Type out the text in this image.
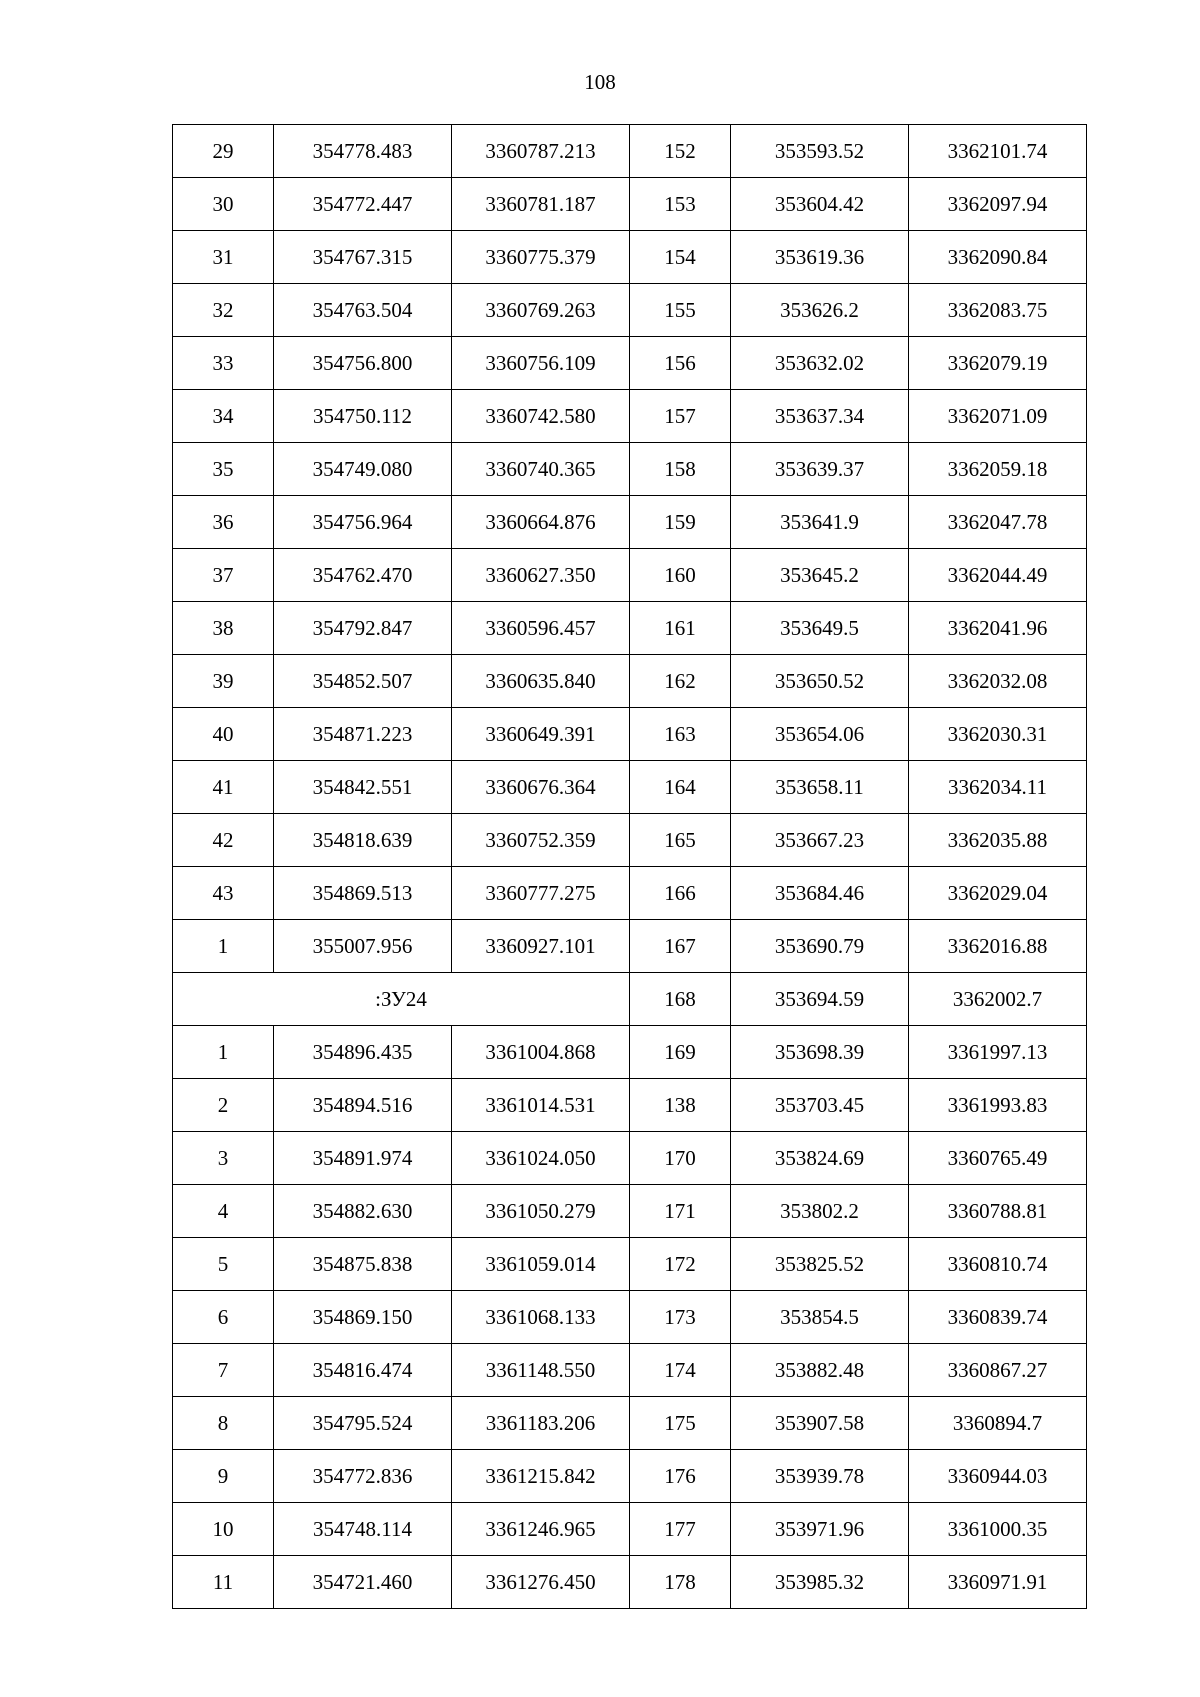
108
29	354778.483	3360787.213	152	353593.52	3362101.74
30	354772.447	3360781.187	153	353604.42	3362097.94
31	354767.315	3360775.379	154	353619.36	3362090.84
32	354763.504	3360769.263	155	353626.2	3362083.75
33	354756.800	3360756.109	156	353632.02	3362079.19
34	354750.112	3360742.580	157	353637.34	3362071.09
35	354749.080	3360740.365	158	353639.37	3362059.18
36	354756.964	3360664.876	159	353641.9	3362047.78
37	354762.470	3360627.350	160	353645.2	3362044.49
38	354792.847	3360596.457	161	353649.5	3362041.96
39	354852.507	3360635.840	162	353650.52	3362032.08
40	354871.223	3360649.391	163	353654.06	3362030.31
41	354842.551	3360676.364	164	353658.11	3362034.11
42	354818.639	3360752.359	165	353667.23	3362035.88
43	354869.513	3360777.275	166	353684.46	3362029.04
1	355007.956	3360927.101	167	353690.79	3362016.88
:ЗУ24			168	353694.59	3362002.7
1	354896.435	3361004.868	169	353698.39	3361997.13
2	354894.516	3361014.531	138	353703.45	3361993.83
3	354891.974	3361024.050	170	353824.69	3360765.49
4	354882.630	3361050.279	171	353802.2	3360788.81
5	354875.838	3361059.014	172	353825.52	3360810.74
6	354869.150	3361068.133	173	353854.5	3360839.74
7	354816.474	3361148.550	174	353882.48	3360867.27
8	354795.524	3361183.206	175	353907.58	3360894.7
9	354772.836	3361215.842	176	353939.78	3360944.03
10	354748.114	3361246.965	177	353971.96	3361000.35
11	354721.460	3361276.450	178	353985.32	3360971.91
